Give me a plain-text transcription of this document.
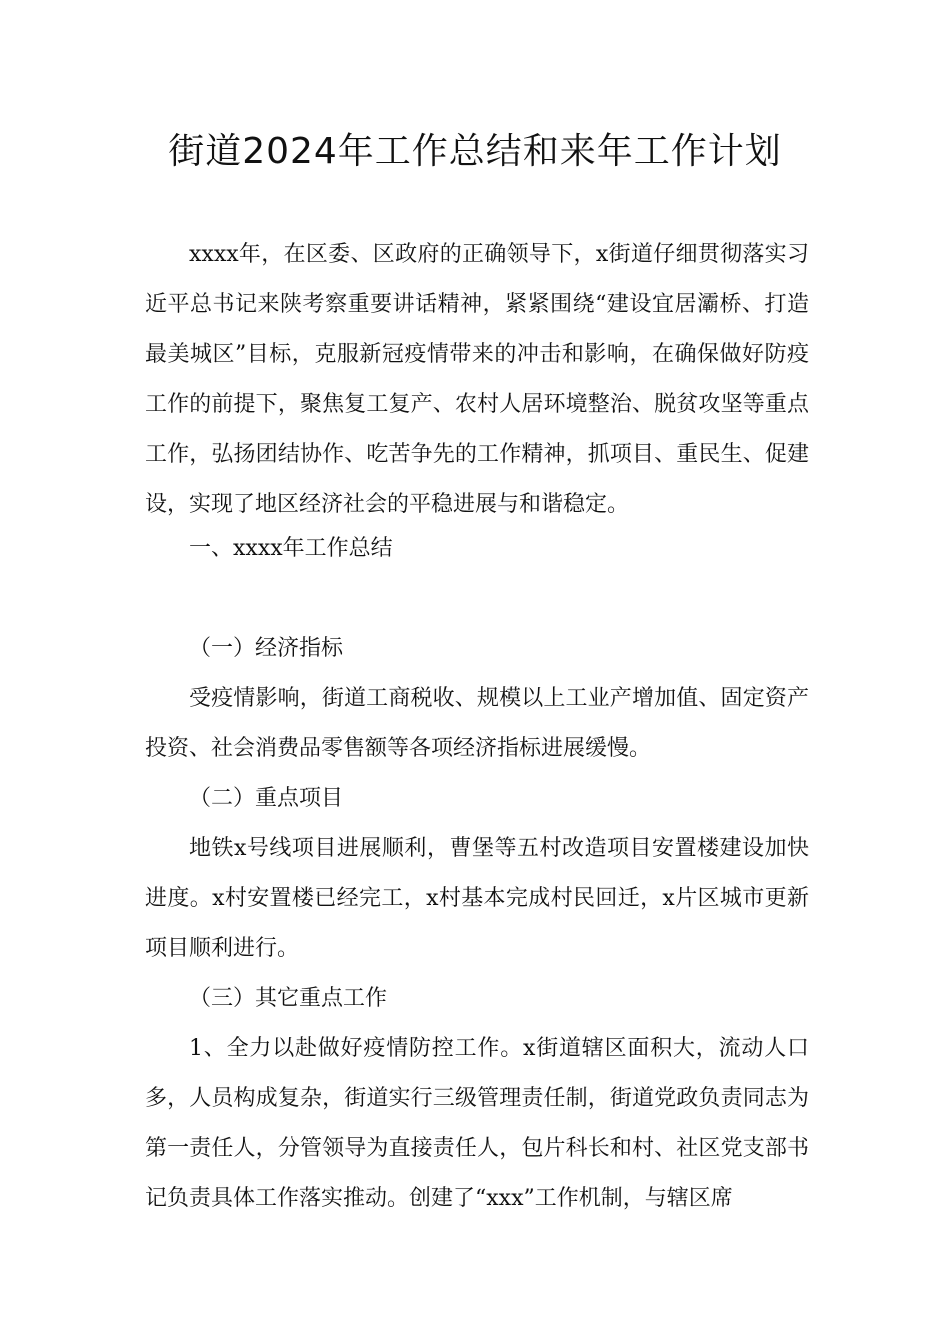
街道2024年工作总结和来年工作计划
xxxx年，在区委、区政府的正确领导下，x街道仔细贯彻落实习近平总书记来陕考察重要讲话精神，紧紧围绕“建设宜居灞桥、打造最美城区”目标，克服新冠疫情带来的冲击和影响，在确保做好防疫工作的前提下，聚焦复工复产、农村人居环境整治、脱贫攻坚等重点工作，弘扬团结协作、吃苦争先的工作精神，抓项目、重民生、促建设，实现了地区经济社会的平稳进展与和谐稳定。
一、xxxx年工作总结
（一）经济指标
受疫情影响，街道工商税收、规模以上工业产增加值、固定资产投资、社会消费品零售额等各项经济指标进展缓慢。
（二）重点项目
地铁x号线项目进展顺利，曹堡等五村改造项目安置楼建设加快进度。x村安置楼已经完工，x村基本完成村民回迁，x片区城市更新项目顺利进行。
（三）其它重点工作
1、全力以赴做好疫情防控工作。x街道辖区面积大，流动人口多，人员构成复杂，街道实行三级管理责任制，街道党政负责同志为第一责任人，分管领导为直接责任人，包片科长和村、社区党支部书记负责具体工作落实推动。创建了“xxx”工作机制，与辖区席
